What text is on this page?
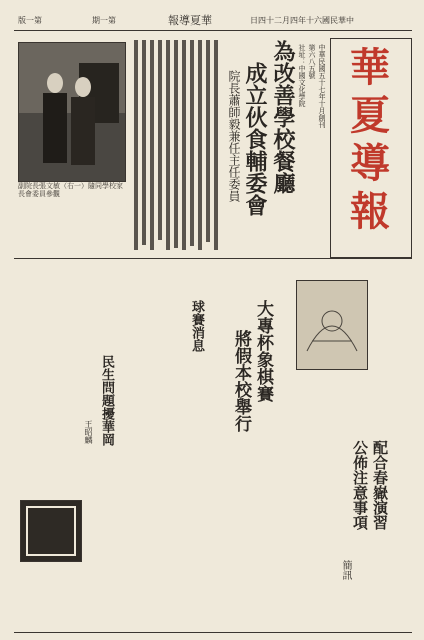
版一第	期一第	報導夏華	日四十二月四年十六國民華中
華
夏
導
報
中華民國五十七年十月創刊
第六八五號
社址：中國文化學院
副院長張文敏（右一）隨同學校家長會委員參觀
為改善學校餐廳
成立伙食輔委會
院長蕭師毅兼任主任委員
大專杯象棋賽
將假本校舉行
球賽消息
配合春嶽演習
公佈注意事項
簡訊
民生問題擾華岡
王昭麟
